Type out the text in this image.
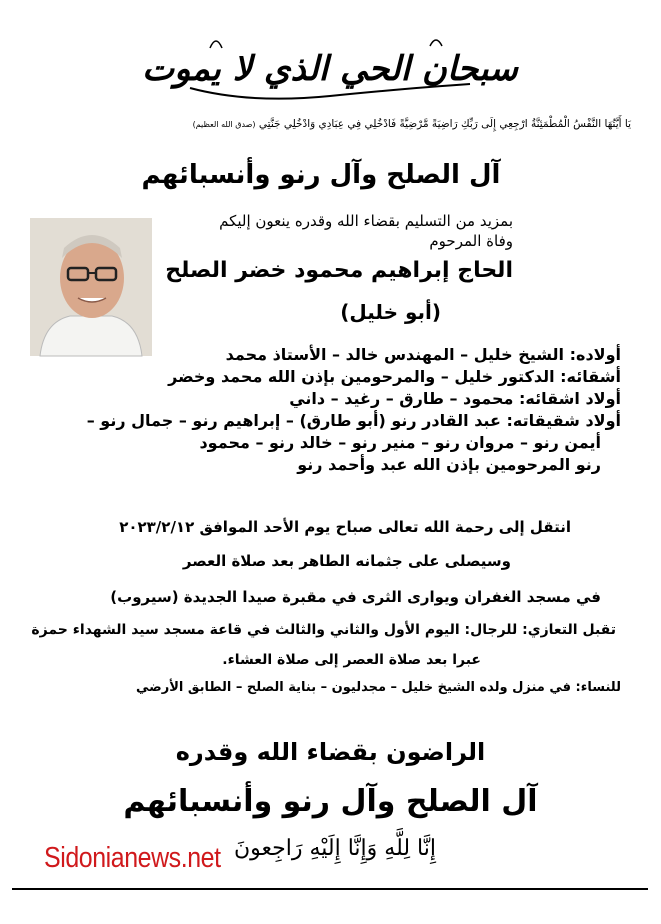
سبحان الحي الذي لا يموت
يَا أَيَّتُهَا النَّفْسُ الْمُطْمَئِنَّةُ ارْجِعِي إِلَى رَبِّكِ رَاضِيَةً مَّرْضِيَّةً فَادْخُلِي فِي عِبَادِي وَادْخُلِي جَنَّتِي (صدق الله العظيم)
آل الصلح وآل رنو وأنسبائهم
بمزيد من التسليم بقضاء الله وقدره ينعون إليكم
وفاة المرحوم
الحاج إبراهيم محمود خضر الصلح
(أبو خليل)
أولاده: الشيخ خليل – المهندس خالد – الأستاذ محمد
أشقائه: الدكتور خليل – والمرحومين بإذن الله محمد وخضر
أولاد اشقائه: محمود – طارق – رغيد – داني
أولاد شقيقاته: عبد القادر رنو (أبو طارق) – إبراهيم رنو – جمال رنو –
أيمن رنو – مروان رنو – منير رنو – خالد رنو – محمود
رنو المرحومين بإذن الله عبد وأحمد رنو
انتقل إلى رحمة الله تعالى صباح يوم الأحد الموافق ٢٠٢٣/٢/١٢
وسيصلى على جثمانه الطاهر بعد صلاة العصر
في مسجد الغفران ويوارى الثرى في مقبرة صيدا الجديدة (سيروب)
تقبل التعازي: للرجال: اليوم الأول والثاني والثالث في قاعة مسجد سيد الشهداء حمزة
عبرا بعد صلاة العصر إلى صلاة العشاء.
للنساء: في منزل ولده الشيخ خليل – مجدليون – بناية الصلح – الطابق الأرضي
الراضون بقضاء الله وقدره
آل الصلح وآل رنو وأنسبائهم
إِنَّا لِلَّهِ وَإِنَّا إِلَيْهِ رَاجِعونَ
Sidonianews.net
